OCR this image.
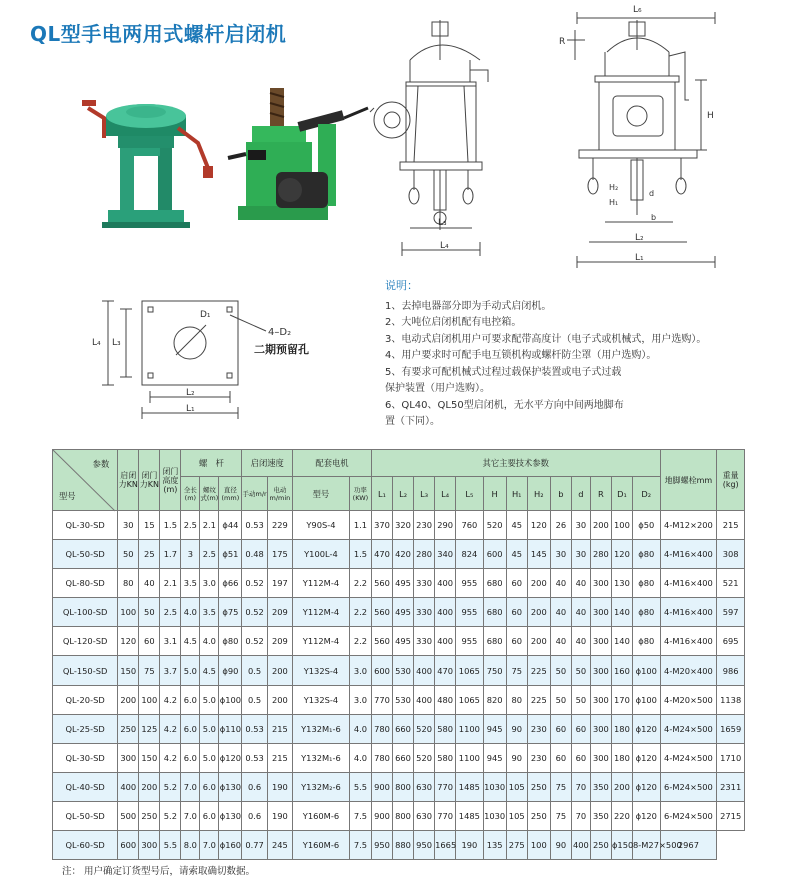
QL型手电两用式螺杆启闭机
L₃
L₄
L₆
R
H
H₁
H₂
d
b
L₂
L₁
L₄ L₃
D₁
4–D₂
二期预留孔
L₂
L₁
说明：
1、去掉电器部分即为手动式启闭机。
2、大吨位启闭机配有电控箱。
3、电动式启闭机用户可要求配带高度计（电子式或机械式，用户选购）。
4、用户要求时可配手电互锁机构或螺杆防尘罩（用户选购）。
5、有要求可配机械式过程过载保护装置或电子式过载
保护装置（用户选购）。
6、QL40、QL50型启闭机，无水平方向中间两地脚布
置（下同）。
参数
型号	启闭力KN	闭门力KN	闭门高度(m)	螺　杆			启闭速度		配套电机		其它主要技术参数													地脚螺栓mm	重量(kg)
				全长(m)	螺纹式(m)	直径(mm)	手动m/r	电动m/min	型号	功率(KW)	L₁	L₂	L₃	L₄	L₅	H	H₁	H₂	b	d	R	D₁	D₂		
QL-30-SD	30	15	1.5	2.5	2.1	ϕ44	0.53	229	Y90S-4	1.1	370	320	230	290	760	520	45	120	26	30	200	100	ϕ50	4-M12×200	215
QL-50-SD	50	25	1.7	3	2.5	ϕ51	0.48	175	Y100L-4	1.5	470	420	280	340	824	600	45	145	30	30	280	120	ϕ80	4-M16×400	308
QL-80-SD	80	40	2.1	3.5	3.0	ϕ66	0.52	197	Y112M-4	2.2	560	495	330	400	955	680	60	200	40	40	300	130	ϕ80	4-M16×400	521
QL-100-SD	100	50	2.5	4.0	3.5	ϕ75	0.52	209	Y112M-4	2.2	560	495	330	400	955	680	60	200	40	40	300	140	ϕ80	4-M16×400	597
QL-120-SD	120	60	3.1	4.5	4.0	ϕ80	0.52	209	Y112M-4	2.2	560	495	330	400	955	680	60	200	40	40	300	140	ϕ80	4-M16×400	695
QL-150-SD	150	75	3.7	5.0	4.5	ϕ90	0.5	200	Y132S-4	3.0	600	530	400	470	1065	750	75	225	50	50	300	160	ϕ100	4-M20×400	986
QL-20-SD	200	100	4.2	6.0	5.0	ϕ100	0.5	200	Y132S-4	3.0	770	530	400	480	1065	820	80	225	50	50	300	170	ϕ100	4-M20×500	1138
QL-25-SD	250	125	4.2	6.0	5.0	ϕ110	0.53	215	Y132M₁-6	4.0	780	660	520	580	1100	945	90	230	60	60	300	180	ϕ120	4-M24×500	1659
QL-30-SD	300	150	4.2	6.0	5.0	ϕ120	0.53	215	Y132M₁-6	4.0	780	660	520	580	1100	945	90	230	60	60	300	180	ϕ120	4-M24×500	1710
QL-40-SD	400	200	5.2	7.0	6.0	ϕ130	0.6	190	Y132M₂-6	5.5	900	800	630	770	1485	1030	105	250	75	70	350	200	ϕ120	6-M24×500	2311
QL-50-SD	500	250	5.2	7.0	6.0	ϕ130	0.6	190	Y160M-6	7.5	900	800	630	770	1485	1030	105	250	75	70	350	220	ϕ120	6-M24×500	2715
QL-60-SD	600	300	5.5	8.0	7.0	ϕ160	0.77	245	Y160M-6	7.5	950	880	950	1665	190	135	275	100	90	400	250	ϕ150	8-M27×500	2967	
注： 用户确定订货型号后，请索取确切数据。
